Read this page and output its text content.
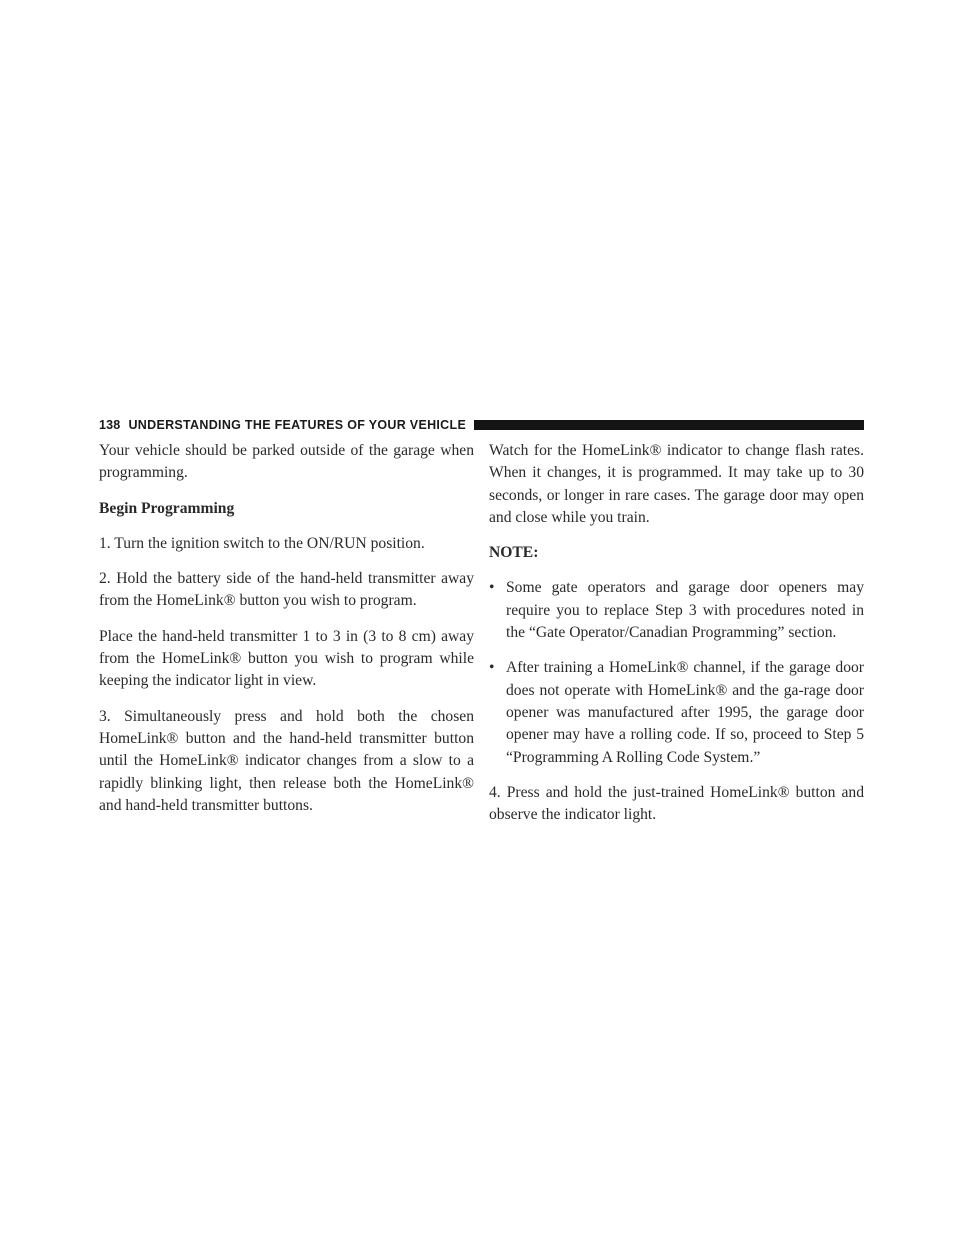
138 UNDERSTANDING THE FEATURES OF YOUR VEHICLE

Your vehicle should be parked outside of the garage when programming.

Begin Programming

1. Turn the ignition switch to the ON/RUN position.

2. Hold the battery side of the hand-held transmitter away from the HomeLink® button you wish to program.

Place the hand-held transmitter 1 to 3 in (3 to 8 cm) away from the HomeLink® button you wish to program while keeping the indicator light in view.

3. Simultaneously press and hold both the chosen HomeLink® button and the hand-held transmitter button until the HomeLink® indicator changes from a slow to a rapidly blinking light, then release both the HomeLink® and hand-held transmitter buttons.

Watch for the HomeLink® indicator to change flash rates. When it changes, it is programmed. It may take up to 30 seconds, or longer in rare cases. The garage door may open and close while you train.

NOTE:

• Some gate operators and garage door openers may require you to replace Step 3 with procedures noted in the “Gate Operator/Canadian Programming” section.
• After training a HomeLink® channel, if the garage door does not operate with HomeLink® and the ga-rage door opener was manufactured after 1995, the garage door opener may have a rolling code. If so, proceed to Step 5 “Programming A Rolling Code System.”

4. Press and hold the just-trained HomeLink® button and observe the indicator light.
